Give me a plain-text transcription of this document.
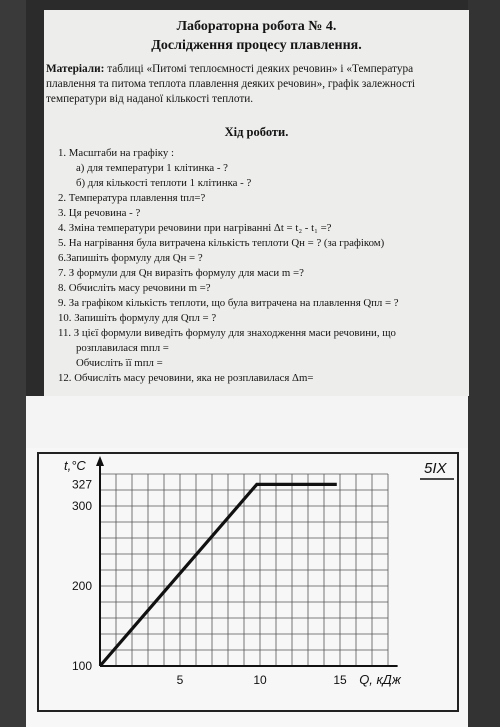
Лабораторна робота № 4.
Дослідження процесу плавлення.
Матеріали: таблиці «Питомі теплоємності деяких речовин» і «Температура плавлення та питома теплота плавлення деяких речовин», графік залежності температури від наданої кількості теплоти.
Хід роботи.
1. Масштаби на графіку :
а) для температури 1 клітинка - ?
б) для кількості теплоти 1 клітинка - ?
2. Температура плавлення tпл=?
3. Ця речовина - ?
4. Зміна температури речовини при нагріванні Δt = t₂ - t₁ =?
5. На нагрівання була витрачена кількість теплоти Qн = ? (за графіком)
6.Запишіть формулу для Qн = ?
7. З формули для Qн виразіть формулу для маси m =?
8. Обчисліть масу речовини m =?
9. За графіком кількість теплоти, що була витрачена на плавлення Qпл = ?
10. Запишіть формулу для Qпл = ?
11. З цієї формули виведіть формулу для знаходження маси речовини, що
розплавилася mпл =
Обчисліть її mпл =
12. Обчисліть масу речовини, яка не розплавилася Δm=
100
200
300
327
5	10	15
t,°C
Q, кДж
5IX
